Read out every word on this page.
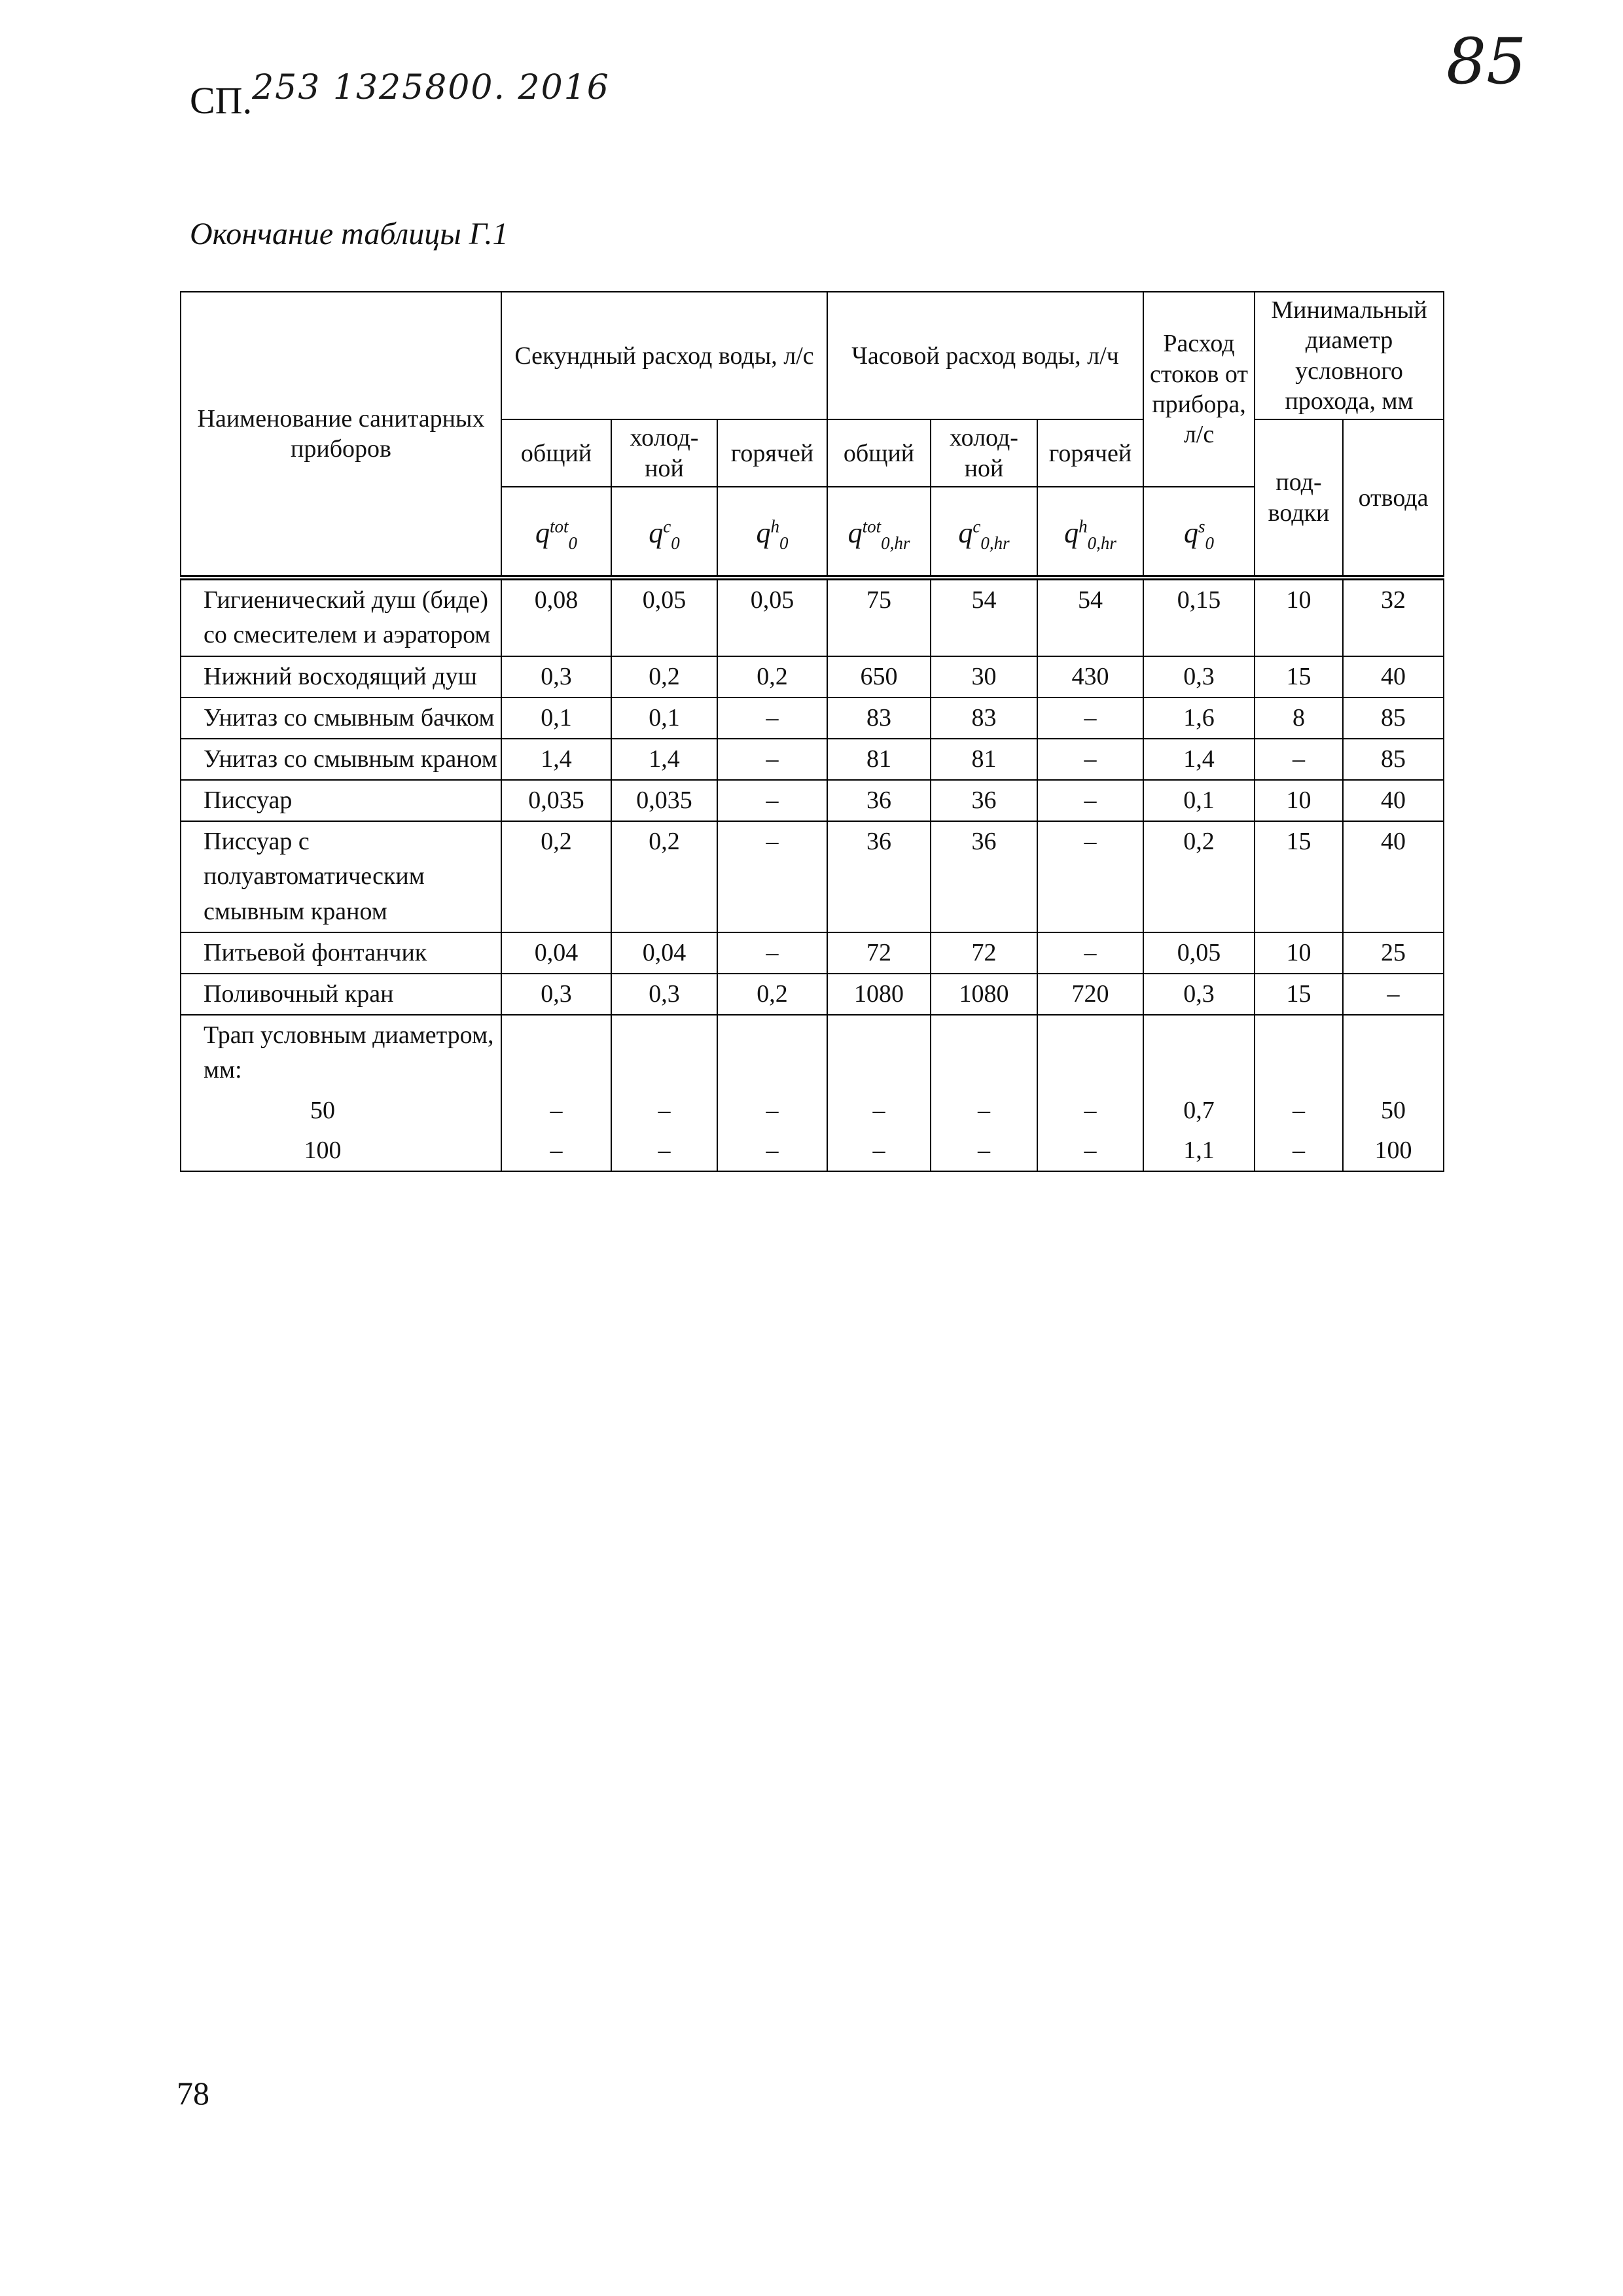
СП.253 1325800. 2016	85
Окончание таблицы Г.1
Наименование санитарных приборов	Секундный расход воды, л/с			Часовой расход воды, л/ч			Расход стоков от прибора, л/с	Минимальный диаметр условного прохода, мм	
	общий	холод-ной	горячей	общий	холод-ной	горячей		под-водки	отвода
	$q^{tot}_0$	$q^c_0$	$q^h_0$	$q^{tot}_{0,hr}$	$q^c_{0,hr}$	$q^h_{0,hr}$	$q^s_0$
Гигиенический душ (биде) со смесителем и аэратором	0,08	0,05	0,05	75	54	54	0,15	10	32
Нижний восходящий душ	0,3	0,2	0,2	650	30	430	0,3	15	40
Унитаз со смывным бачком	0,1	0,1	–	83	83	–	1,6	8	85
Унитаз со смывным краном	1,4	1,4	–	81	81	–	1,4	–	85
Писсуар	0,035	0,035	–	36	36	–	0,1	10	40
Писсуар с полуавтоматическим смывным краном	0,2	0,2	–	36	36	–	0,2	15	40
Питьевой фонтанчик	0,04	0,04	–	72	72	–	0,05	10	25
Поливочный кран	0,3	0,3	0,2	1080	1080	720	0,3	15	–
Трап условным диаметром, мм:									
50	–	–	–	–	–	–	0,7	–	50
100	–	–	–	–	–	–	1,1	–	100
78
